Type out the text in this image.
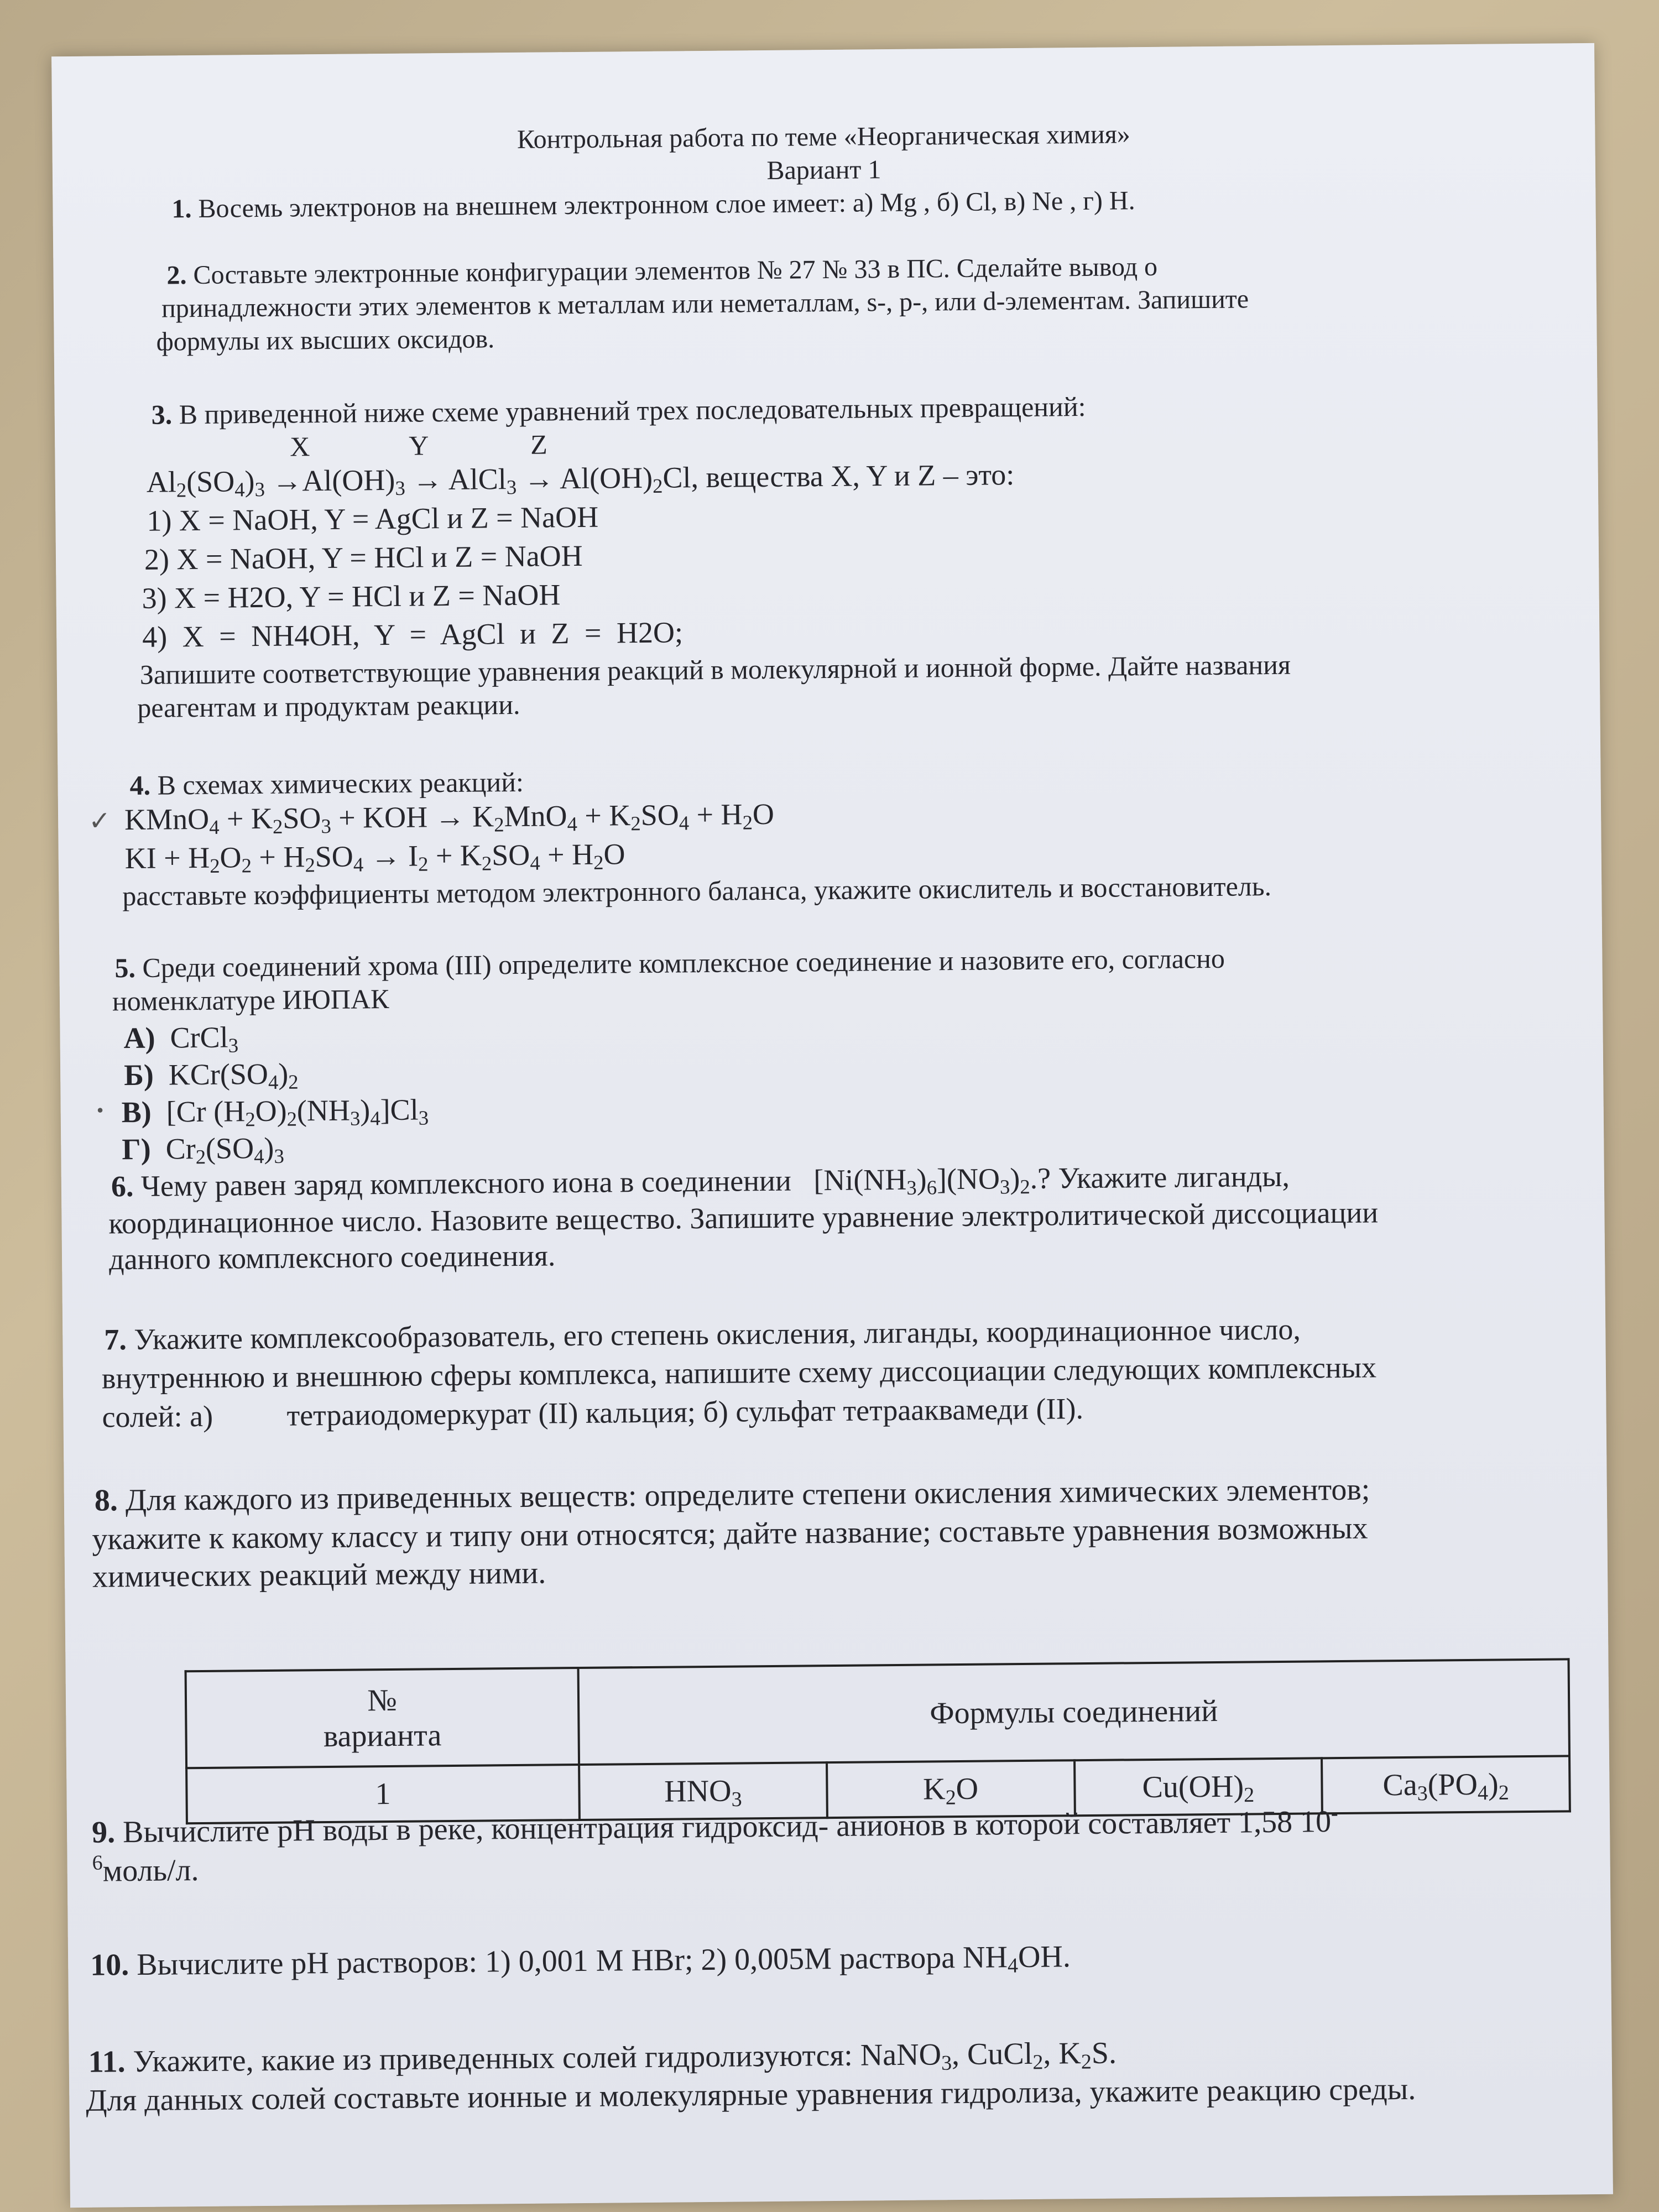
Контрольная работа по теме «Неорганическая химия»
Вариант 1
1. Восемь электронов на внешнем электронном слое имеет: а) Mg , б) Cl, в) Ne , г) H.
2. Составьте электронные конфигурации элементов № 27 № 33 в ПС. Сделайте вывод о
принадлежности этих элементов к металлам или неметаллам, s-, p-, или d-элементам. Запишите
формулы их высших оксидов.
3. В приведенной ниже схеме уравнений трех последовательных превращений:
X	Y	Z
$Al_2(SO_4)_3 \to Al(OH)_3$ → AlCl$_3$ → $Al(OH)_2Cl$, вещества X, Y и Z – это:
1) X = NaOH, Y = AgCl и Z = NaOH
2) X = NaOH, Y = HCl и Z = NaOH
3) X = H2O, Y = HCl и Z = NaOH
4) X = NH4OH, Y = AgCl и Z = H2O;
Запишите соответствующие уравнения реакций в молекулярной и ионной форме. Дайте названия
реагентам и продуктам реакции.
4. В схемах химических реакций:
✓ KMnO$_4$ + $K_2SO_3$ + KOH → $K_2MnO_4 + K_2SO_4 + H_2O$
KI + $H_2O_2 + H_2SO_4 \to I_2 + K_2SO_4 + H_2O$
расставьте коэффициенты методом электронного баланса, укажите окислитель и восстановитель.
5. Среди соединений хрома (III) определите комплексное соединение и назовите его, согласно
номенклатуре ИЮПАК
А)  CrCl$_3$
Б)  $KCr(SO_4)_2$
• В)  [Cr $(H_2O)_2(NH_3)_4]Cl_3$
Г)  $Cr_2(SO_4)_3$
6. Чему равен заряд комплексного иона в соединении   $[Ni(NH_3)_6](NO_3)_2$.? Укажите лиганды,
координационное число. Назовите вещество. Запишите уравнение электролитической диссоциации
данного комплексного соединения.
7. Укажите комплексообразователь, его степень окисления, лиганды, координационное число,
внутреннюю и внешнюю сферы комплекса, напишите схему диссоциации следующих комплексных
солей: а) тетраиодомеркурат (II) кальция; б) сульфат тетрааквамеди (II).
8. Для каждого из приведенных веществ: определите степени окисления химических элементов;
укажите к какому классу и типу они относятся; дайте название; составьте уравнения возможных
химических реакций между ними.
№
варианта	Формулы соединений			
1	$HNO_3$	$K_2O$	$Cu(OH)_2$	$Ca_3(PO_4)_2$
9. Вычислите pH воды в реке, концентрация гидроксид- анионов в которой составляет 1,58 10-
$^6$моль/л.
10. Вычислите pH растворов: 1) 0,001 M HBr; 2) 0,005M раствора $NH_4OH$.
11. Укажите, какие из приведенных солей гидролизуются: NaNO$_3$, CuCl$_2$, $K_2S$.
Для данных солей составьте ионные и молекулярные уравнения гидролиза, укажите реакцию среды.
